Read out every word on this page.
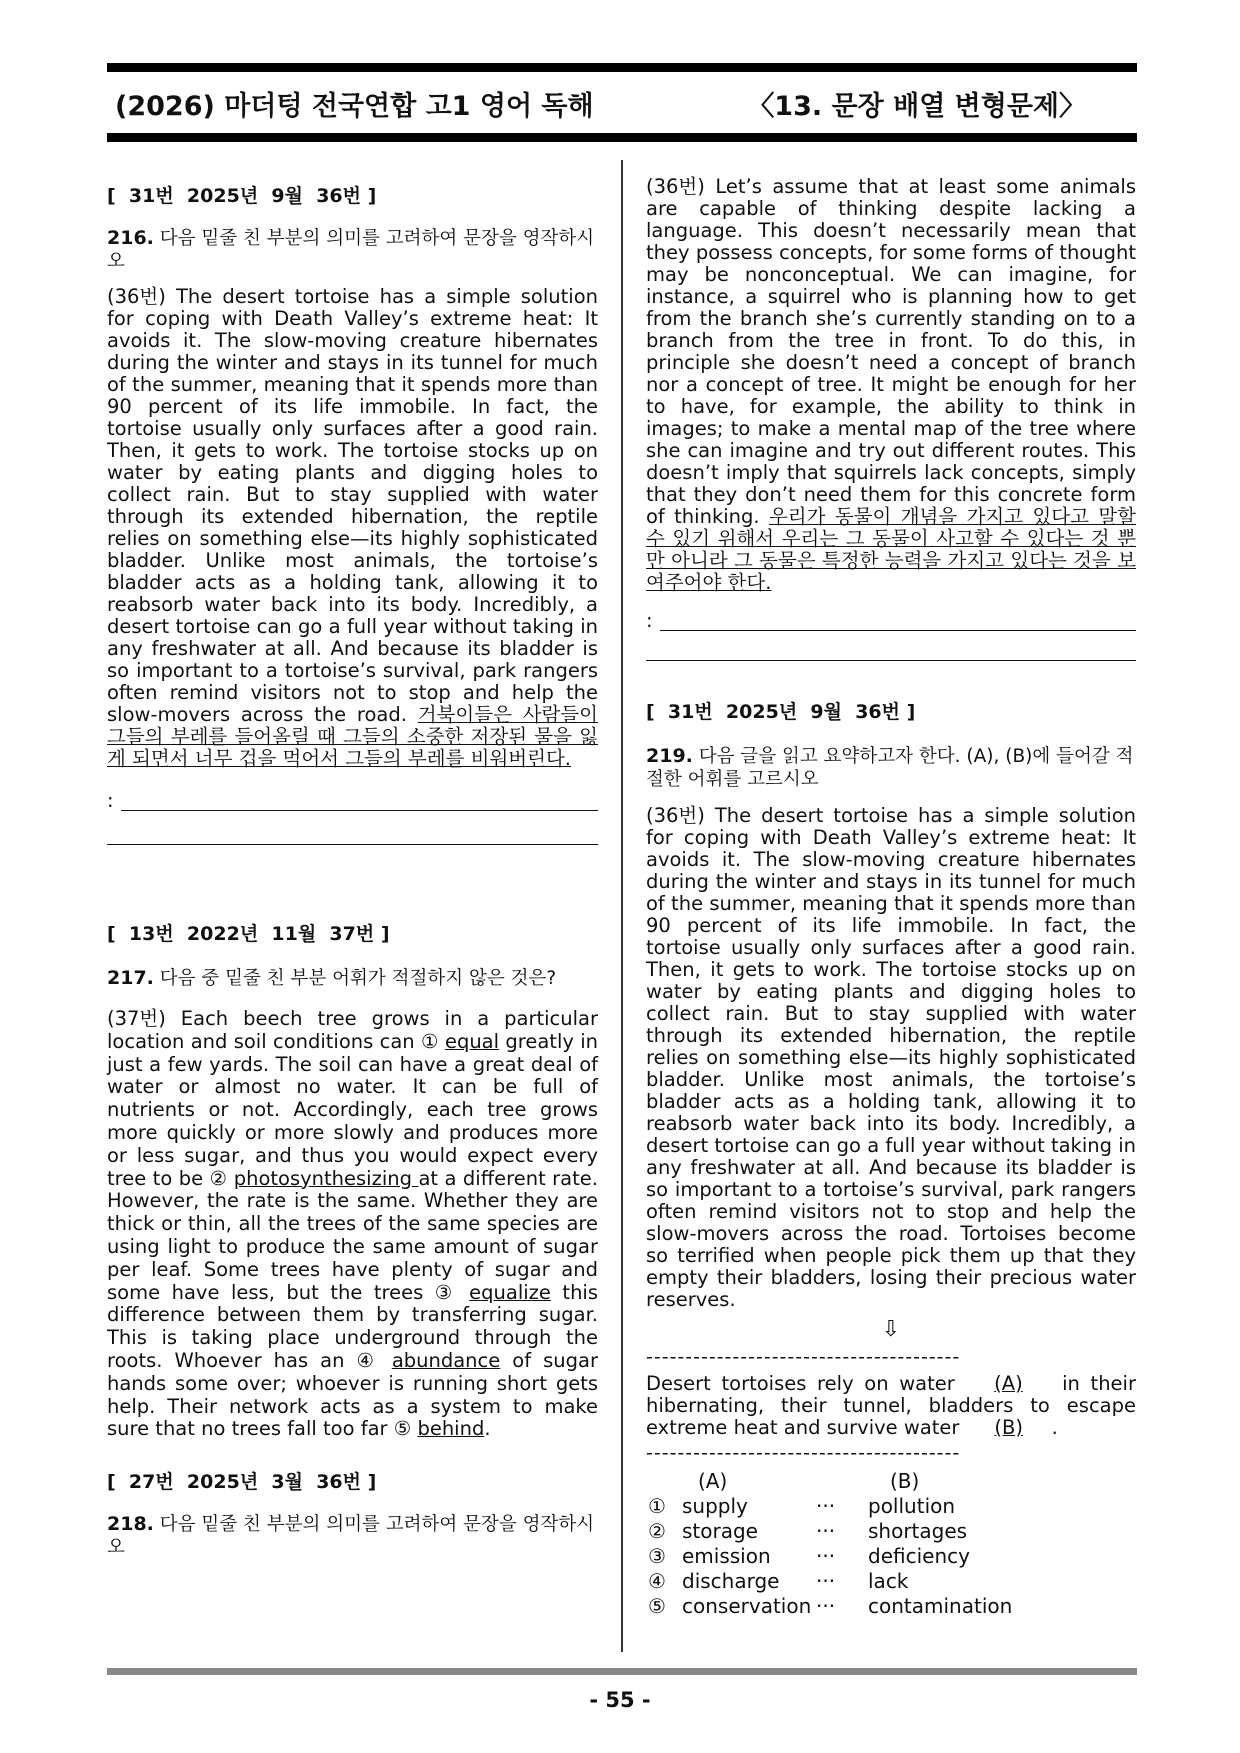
(2026) 마더텅 전국연합 고1 영어 독해	〈13. 문장 배열 변형문제〉

[  31번  2025년  9월  36번 ]

216. 다음 밑줄 친 부분의 의미를 고려하여 문장을 영작하시오

(36번) The desert tortoise has a simple solution for coping with Death Valley’s extreme heat: It avoids it. The slow-moving creature hibernates during the winter and stays in its tunnel for much of the summer, meaning that it spends more than 90 percent of its life immobile. In fact, the tortoise usually only surfaces after a good rain. Then, it gets to work. The tortoise stocks up on water by eating plants and digging holes to collect rain. But to stay supplied with water through its extended hibernation, the reptile relies on something else—its highly sophisticated bladder. Unlike most animals, the tortoise’s bladder acts as a holding tank, allowing it to reabsorb water back into its body. Incredibly, a desert tortoise can go a full year without taking in any freshwater at all. And because its bladder is so important to a tortoise’s survival, park rangers often remind visitors not to stop and help the slow-movers across the road. 거북이들은 사람들이 그들의 부레를 들어올릴 때 그들의 소중한 저장된 물을 잃게 되면서 너무 겁을 먹어서 그들의 부레를 비워버린다.

:

[  13번  2022년  11월  37번 ]

217. 다음 중 밑줄 친 부분 어휘가 적절하지 않은 것은?

(37번) Each beech tree grows in a particular location and soil conditions can ① equal greatly in just a few yards. The soil can have a great deal of water or almost no water. It can be full of nutrients or not. Accordingly, each tree grows more quickly or more slowly and produces more or less sugar, and thus you would expect every tree to be ② photosynthesizing at a different rate. However, the rate is the same. Whether they are thick or thin, all the trees of the same species are using light to produce the same amount of sugar per leaf. Some trees have plenty of sugar and some have less, but the trees ③ equalize this difference between them by transferring sugar. This is taking place underground through the roots. Whoever has an ④ abundance of sugar hands some over; whoever is running short gets help. Their network acts as a system to make sure that no trees fall too far ⑤ behind.

[  27번  2025년  3월  36번 ]

218. 다음 밑줄 친 부분의 의미를 고려하여 문장을 영작하시오

(36번) Let’s assume that at least some animals are capable of thinking despite lacking a language. This doesn’t necessarily mean that they possess concepts, for some forms of thought may be nonconceptual. We can imagine, for instance, a squirrel who is planning how to get from the branch she’s currently standing on to a branch from the tree in front. To do this, in principle she doesn’t need a concept of branch nor a concept of tree. It might be enough for her to have, for example, the ability to think in images; to make a mental map of the tree where she can imagine and try out different routes. This doesn’t imply that squirrels lack concepts, simply that they don’t need them for this concrete form of thinking. 우리가 동물이 개념을 가지고 있다고 말할 수 있기 위해서 우리는 그 동물이 사고할 수 있다는 것 뿐만 아니라 그 동물은 특정한 능력을 가지고 있다는 것을 보여주어야 한다.

:

[  31번  2025년  9월  36번 ]

219. 다음 글을 읽고 요약하고자 한다. (A), (B)에 들어갈 적절한 어휘를 고르시오

(36번) The desert tortoise has a simple solution for coping with Death Valley’s extreme heat: It avoids it. The slow-moving creature hibernates during the winter and stays in its tunnel for much of the summer, meaning that it spends more than 90 percent of its life immobile. In fact, the tortoise usually only surfaces after a good rain. Then, it gets to work. The tortoise stocks up on water by eating plants and digging holes to collect rain. But to stay supplied with water through its extended hibernation, the reptile relies on something else—its highly sophisticated bladder. Unlike most animals, the tortoise’s bladder acts as a holding tank, allowing it to reabsorb water back into its body. Incredibly, a desert tortoise can go a full year without taking in any freshwater at all. And because its bladder is so important to a tortoise’s survival, park rangers often remind visitors not to stop and help the slow-movers across the road. Tortoises become so terrified when people pick them up that they empty their bladders, losing their precious water reserves.

⇩
----------------------------------------

Desert tortoises rely on water (A) in their hibernating, their tunnel, bladders to escape extreme heat and survive water (B) .

----------------------------------------
(A)	(B)
① supply	··· pollution
② storage	··· shortages
③ emission ··· deficiency
④ discharge ··· lack
⑤ conservation ··· contamination
- 55 -
